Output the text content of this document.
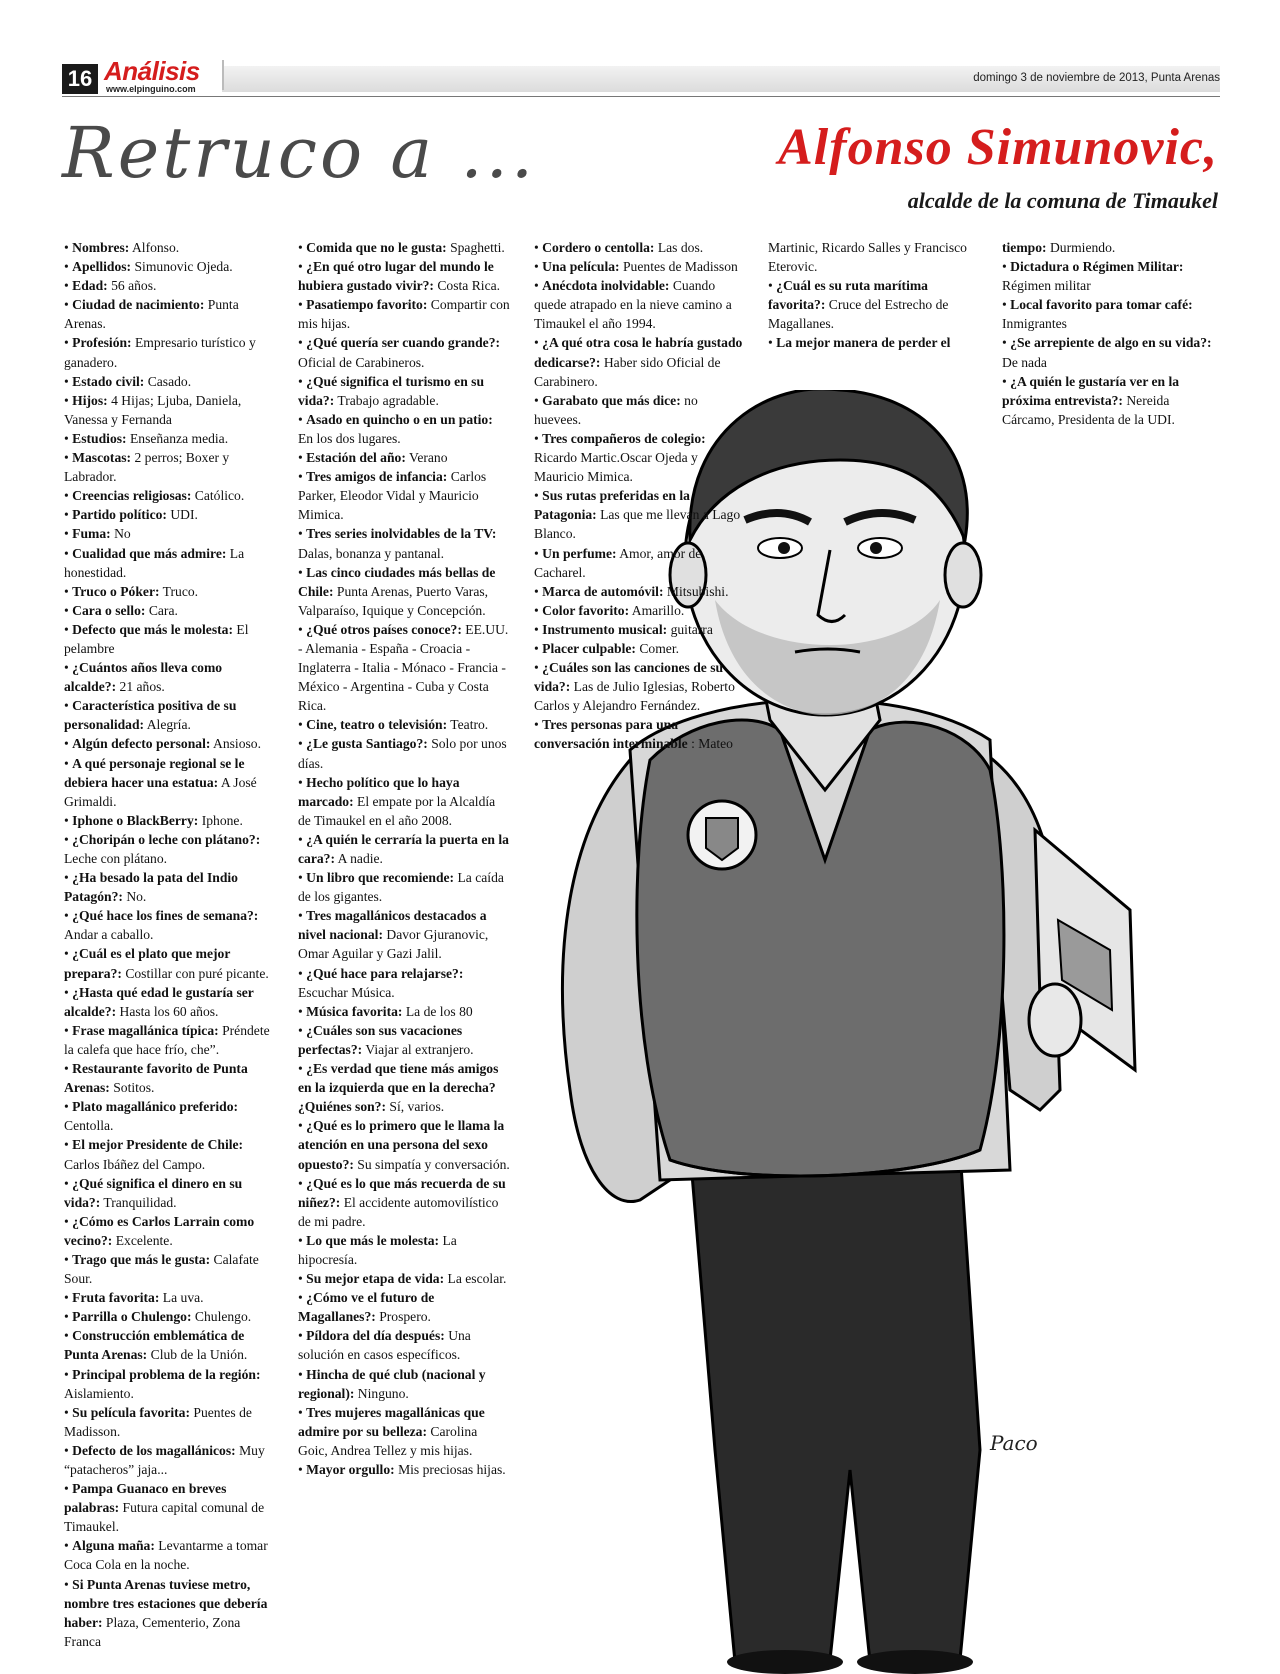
16 Análisis
www.elpinguino.com
domingo 3 de noviembre de 2013, Punta Arenas
Retruco a ...	Alfonso Simunovic,
alcalde de la comuna de Timaukel
Paco

• Nombres: Alfonso.

• Apellidos: Simunovic Ojeda.

• Edad: 56 años.

• Ciudad de nacimiento: Punta Arenas.

• Profesión: Empresario turístico y ganadero.

• Estado civil: Casado.

• Hijos: 4 Hijas; Ljuba, Daniela, Vanessa y Fernanda

• Estudios: Enseñanza media.

• Mascotas: 2 perros; Boxer y Labrador.

• Creencias religiosas: Católico.

• Partido político: UDI.

• Fuma: No

• Cualidad que más admire: La honestidad.

• Truco o Póker: Truco.

• Cara o sello: Cara.

• Defecto que más le molesta: El pelambre

• ¿Cuántos años lleva como alcalde?: 21 años.

• Característica positiva de su personalidad: Alegría.

• Algún defecto personal: Ansioso.

• A qué personaje regional se le debiera hacer una estatua: A José Grimaldi.

• Iphone o BlackBerry: Iphone.

• ¿Choripán o leche con plátano?: Leche con plátano.

• ¿Ha besado la pata del Indio Patagón?: No.

• ¿Qué hace los fines de semana?: Andar a caballo.

• ¿Cuál es el plato que mejor prepara?: Costillar con puré picante.

• ¿Hasta qué edad le gustaría ser alcalde?: Hasta los 60 años.

• Frase magallánica típica: Préndete la calefa que hace frío, che”.

• Restaurante favorito de Punta Arenas: Sotitos.

• Plato magallánico preferido: Centolla.

• El mejor Presidente de Chile: Carlos Ibáñez del Campo.

• ¿Qué significa el dinero en su vida?: Tranquilidad.

• ¿Cómo es Carlos Larrain como vecino?: Excelente.

• Trago que más le gusta: Calafate Sour.

• Fruta favorita: La uva.

• Parrilla o Chulengo: Chulengo.

• Construcción emblemática de Punta Arenas: Club de la Unión.

• Principal problema de la región: Aislamiento.

• Su película favorita: Puentes de Madisson.

• Defecto de los magallánicos: Muy “patacheros” jaja...

• Pampa Guanaco en breves palabras: Futura capital comunal de Timaukel.

• Alguna maña: Levantarme a tomar Coca Cola en la noche.

• Si Punta Arenas tuviese metro, nombre tres estaciones que debería haber: Plaza, Cementerio, Zona Franca

• Comida que no le gusta: Spaghetti.

• ¿En qué otro lugar del mundo le hubiera gustado vivir?: Costa Rica.

• Pasatiempo favorito: Compartir con mis hijas.

• ¿Qué quería ser cuando grande?: Oficial de Carabineros.

• ¿Qué significa el turismo en su vida?: Trabajo agradable.

• Asado en quincho o en un patio: En los dos lugares.

• Estación del año: Verano

• Tres amigos de infancia: Carlos Parker, Eleodor Vidal y Mauricio Mimica.

• Tres series inolvidables de la TV: Dalas, bonanza y pantanal.

• Las cinco ciudades más bellas de Chile: Punta Arenas, Puerto Varas, Valparaíso, Iquique y Concepción.

• ¿Qué otros países conoce?: EE.UU. - Alemania - España - Croacia - Inglaterra - Italia - Mónaco - Francia - México - Argentina - Cuba y Costa Rica.

• Cine, teatro o televisión: Teatro.

• ¿Le gusta Santiago?: Solo por unos días.

• Hecho político que lo haya marcado: El empate por la Alcaldía de Timaukel en el año 2008.

• ¿A quién le cerraría la puerta en la cara?: A nadie.

• Un libro que recomiende: La caída de los gigantes.

• Tres magallánicos destacados a nivel nacional: Davor Gjuranovic, Omar Aguilar y Gazi Jalil.

• ¿Qué hace para relajarse?: Escuchar Música.

• Música favorita: La de los 80

• ¿Cuáles son sus vacaciones perfectas?: Viajar al extranjero.

• ¿Es verdad que tiene más amigos en la izquierda que en la derecha? ¿Quiénes son?: Sí, varios.

• ¿Qué es lo primero que le llama la atención en una persona del sexo opuesto?: Su simpatía y conversación.

• ¿Qué es lo que más recuerda de su niñez?: El accidente automovilístico de mi padre.

• Lo que más le molesta: La hipocresía.

• Su mejor etapa de vida: La escolar.

• ¿Cómo ve el futuro de Magallanes?: Prospero.

• Píldora del día después: Una solución en casos específicos.

• Hincha de qué club (nacional y regional): Ninguno.

• Tres mujeres magallánicas que admire por su belleza: Carolina Goic, Andrea Tellez y mis hijas.

• Mayor orgullo: Mis preciosas hijas.

• Cordero o centolla: Las dos.

• Una película: Puentes de Madisson

• Anécdota inolvidable: Cuando quede atrapado en la nieve camino a Timaukel el año 1994.

• ¿A qué otra cosa le habría gustado dedicarse?: Haber sido Oficial de Carabinero.

• Garabato que más dice: no huevees.

• Tres compañeros de colegio: Ricardo Martic.Oscar Ojeda y Mauricio Mimica.

• Sus rutas preferidas en la Patagonia: Las que me llevan a Lago Blanco.

• Un perfume: Amor, amor de Cacharel.

• Marca de automóvil: Mitsubishi.

• Color favorito: Amarillo.

• Instrumento musical: guitarra

• Placer culpable: Comer.

• ¿Cuáles son las canciones de su vida?: Las de Julio Iglesias, Roberto Carlos y Alejandro Fernández.

• Tres personas para una conversación interminable : Mateo

Martinic, Ricardo Salles y Francisco Eterovic.

• ¿Cuál es su ruta marítima favorita?: Cruce del Estrecho de Magallanes.

• La mejor manera de perder el

tiempo: Durmiendo.

• Dictadura o Régimen Militar: Régimen militar

• Local favorito para tomar café: Inmigrantes

• ¿Se arrepiente de algo en su vida?: De nada

• ¿A quién le gustaría ver en la próxima entrevista?: Nereida Cárcamo, Presidenta de la UDI.
